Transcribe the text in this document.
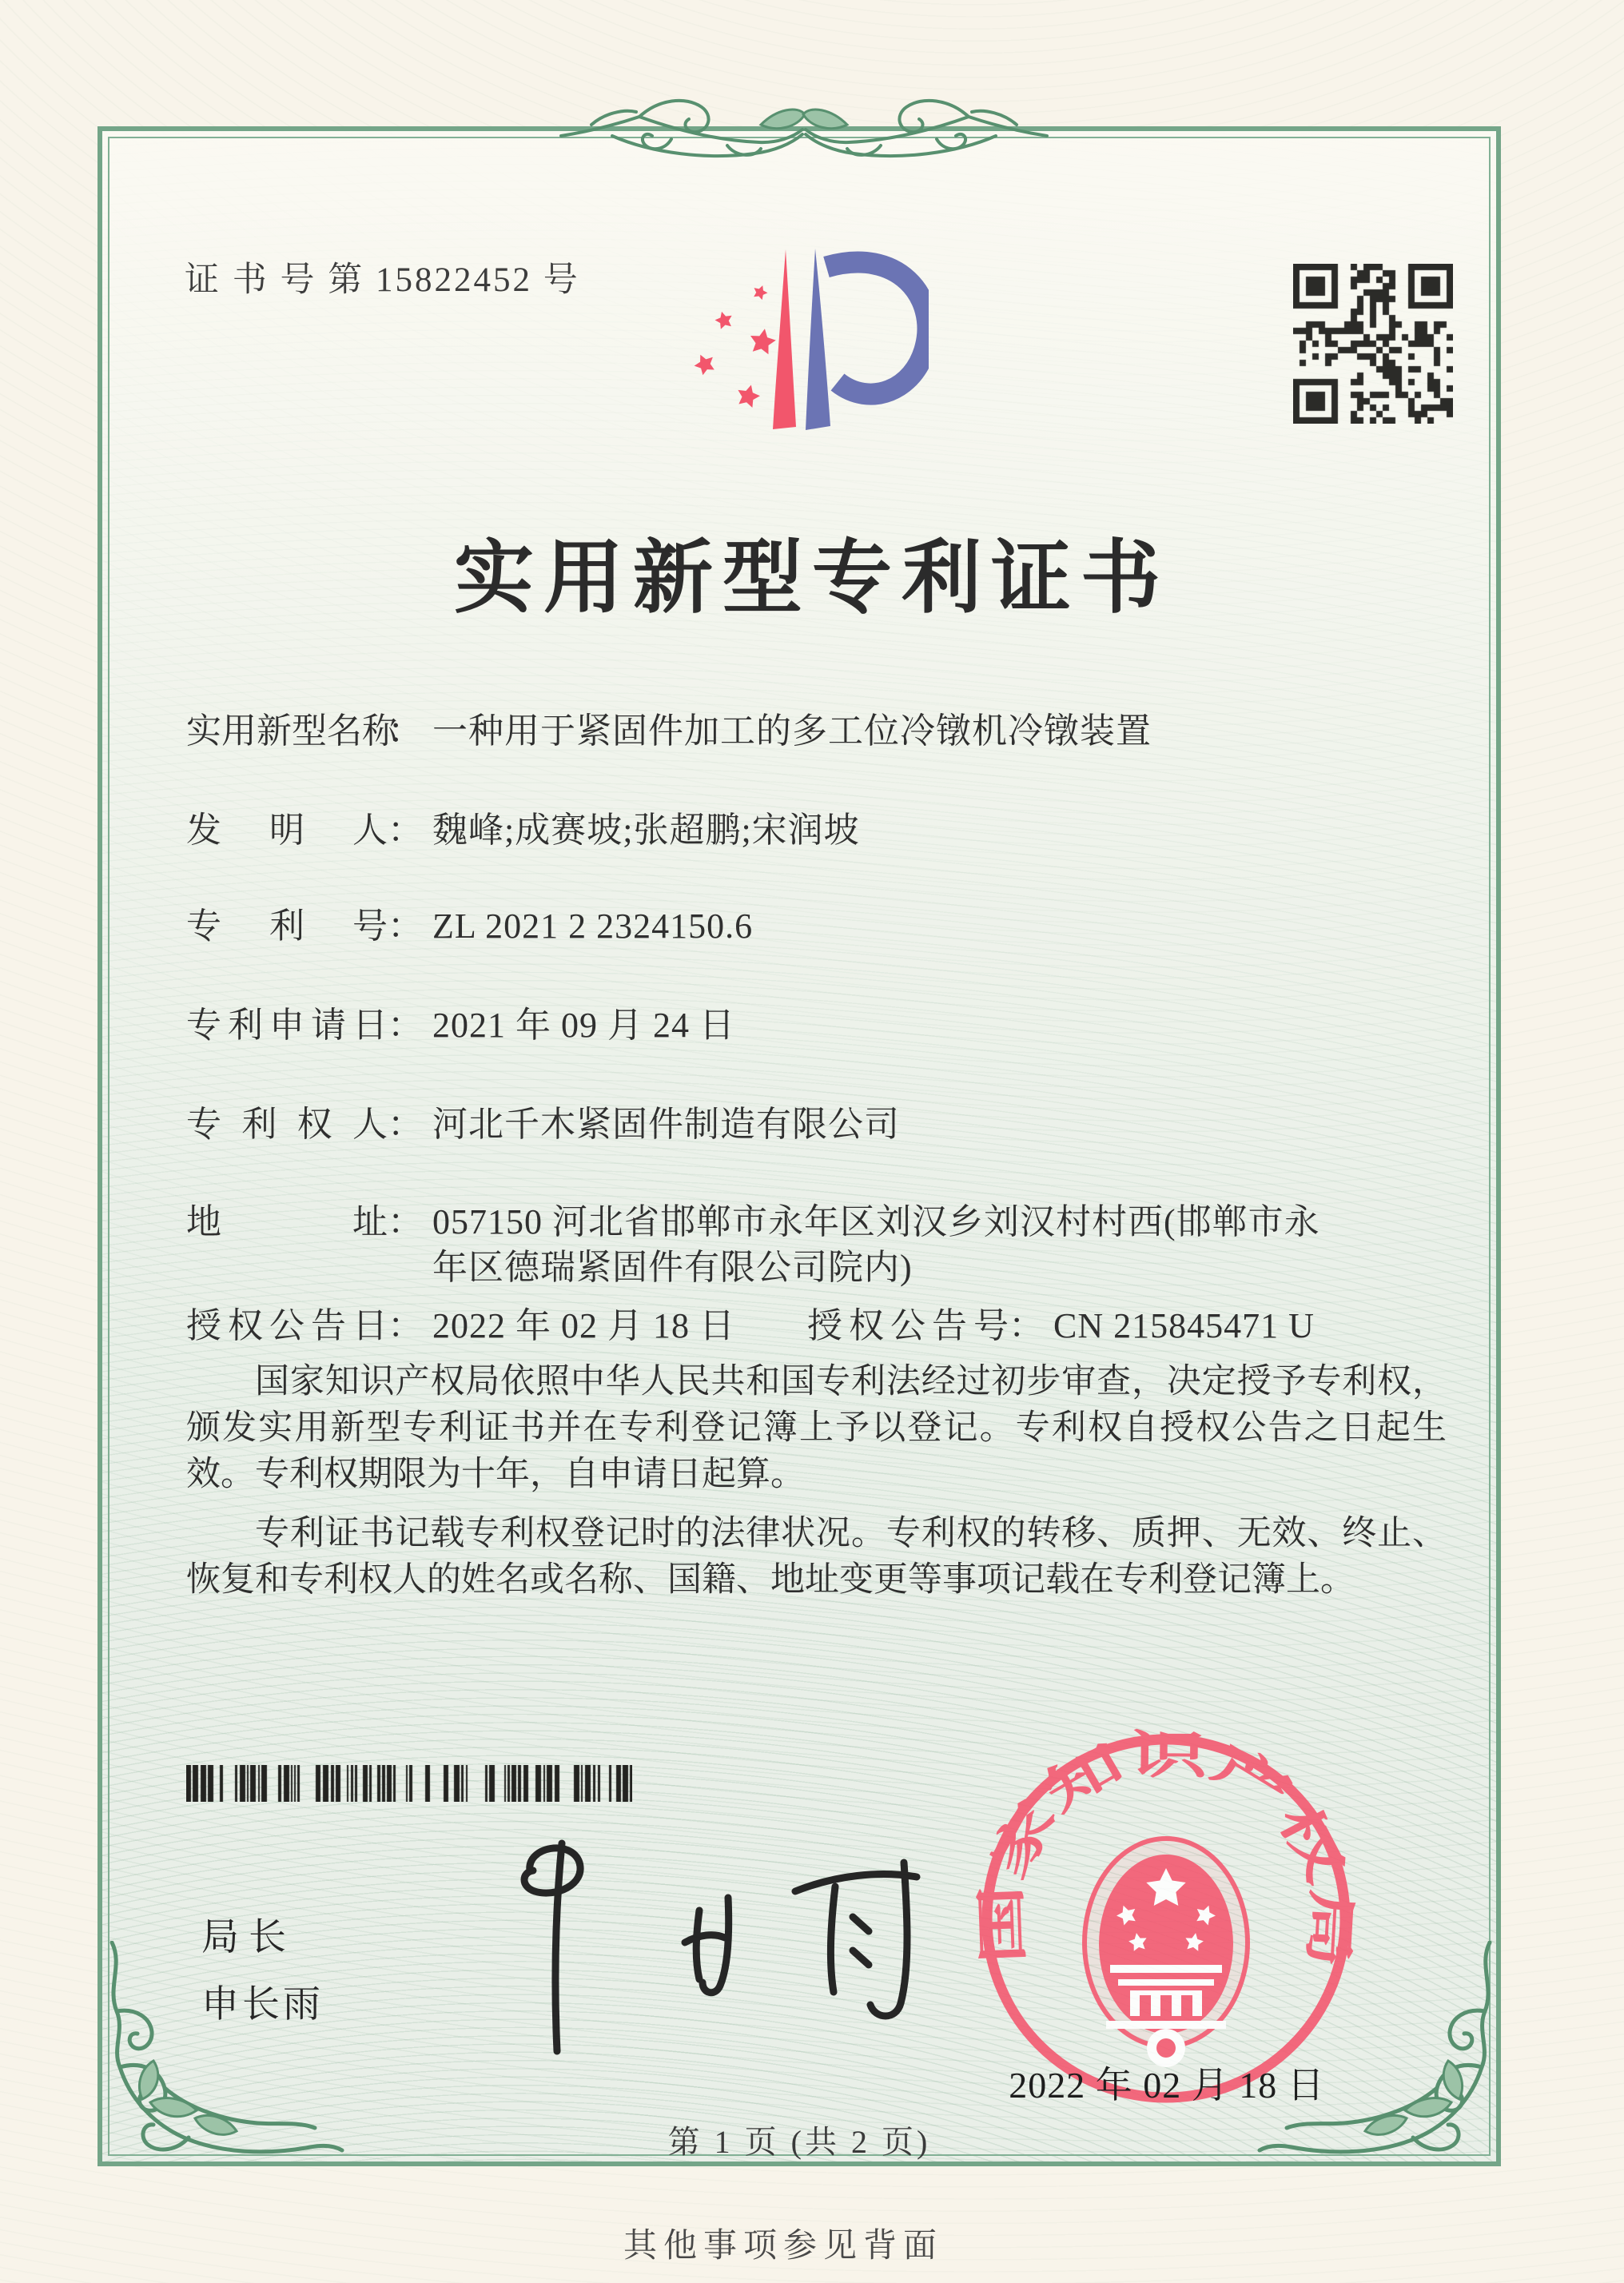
证 书 号 第 15822452 号
实用新型专利证书
实用新型名称： 一种用于紧固件加工的多工位冷镦机冷镦装置
发明人： 魏峰;成赛坡;张超鹏;宋润坡
专利号： ZL 2021 2 2324150.6
专利申请日： 2021 年 09 月 24 日
专利权人： 河北千木紧固件制造有限公司
地址： 057150 河北省邯郸市永年区刘汉乡刘汉村村西(邯郸市永
年区德瑞紧固件有限公司院内)
授权公告日： 2022 年 02 月 18 日 授权公告号： CN 215845471 U

国家知识产权局依照中华人民共和国专利法经过初步审查，决定授予专利权，颁发实用新型专利证书并在专利登记簿上予以登记。专利权自授权公告之日起生效。专利权期限为十年，自申请日起算。

专利证书记载专利权登记时的法律状况。专利权的转移、质押、无效、终止、恢复和专利权人的姓名或名称、国籍、地址变更等事项记载在专利登记簿上。

局长
申长雨
国家知识产权局
2022 年 02 月 18 日
第 1 页 (共 2 页)
其他事项参见背面
